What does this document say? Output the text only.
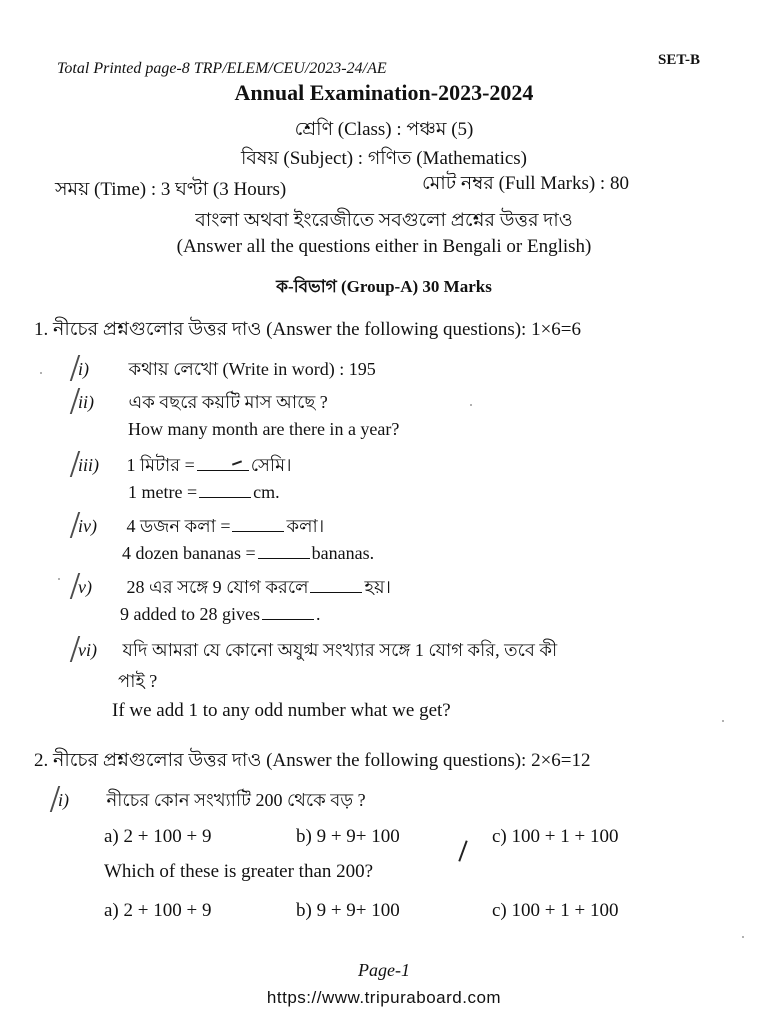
Total Printed page-8 TRP/ELEM/CEU/2023-24/AE	SET-B
Annual Examination-2023-2024
শ্রেণি (Class) : পঞ্চম (5)
বিষয় (Subject) : গণিত (Mathematics)
সময় (Time) : 3 ঘণ্টা (3 Hours)	মোট নম্বর (Full Marks) : 80
বাংলা অথবা ইংরেজীতে সবগুলো প্রশ্নের উত্তর দাও
(Answer all the questions either in Bengali or English)
ক-বিভাগ (Group-A) 30 Marks
1. নীচের প্রশ্নগুলোর উত্তর দাও (Answer the following questions): 1×6=6
i) কথায় লেখো (Write in word) : 195
ii) এক বছরে কয়টি মাস আছে ?
How many month are there in a year?
iii) 1 মিটার =	সেমি।
1 metre =	cm.
iv) 4 ডজন কলা =	কলা।
4 dozen bananas =	bananas.
v) 28 এর সঙ্গে 9 যোগ করলে	হয়।
9 added to 28 gives	.
vi) যদি আমরা যে কোনো অযুগ্ম সংখ্যার সঙ্গে 1 যোগ করি, তবে কী
পাই ?
If we add 1 to any odd number what we get?
2. নীচের প্রশ্নগুলোর উত্তর দাও (Answer the following questions): 2×6=12
i) নীচের কোন সংখ্যাটি 200 থেকে বড় ?
a) 2 + 100 + 9	b) 9 + 9+ 100	c) 100 + 1 + 100
Which of these is greater than 200?
a) 2 + 100 + 9	b) 9 + 9+ 100	c) 100 + 1 + 100
Page-1
https://www.tripuraboard.com
